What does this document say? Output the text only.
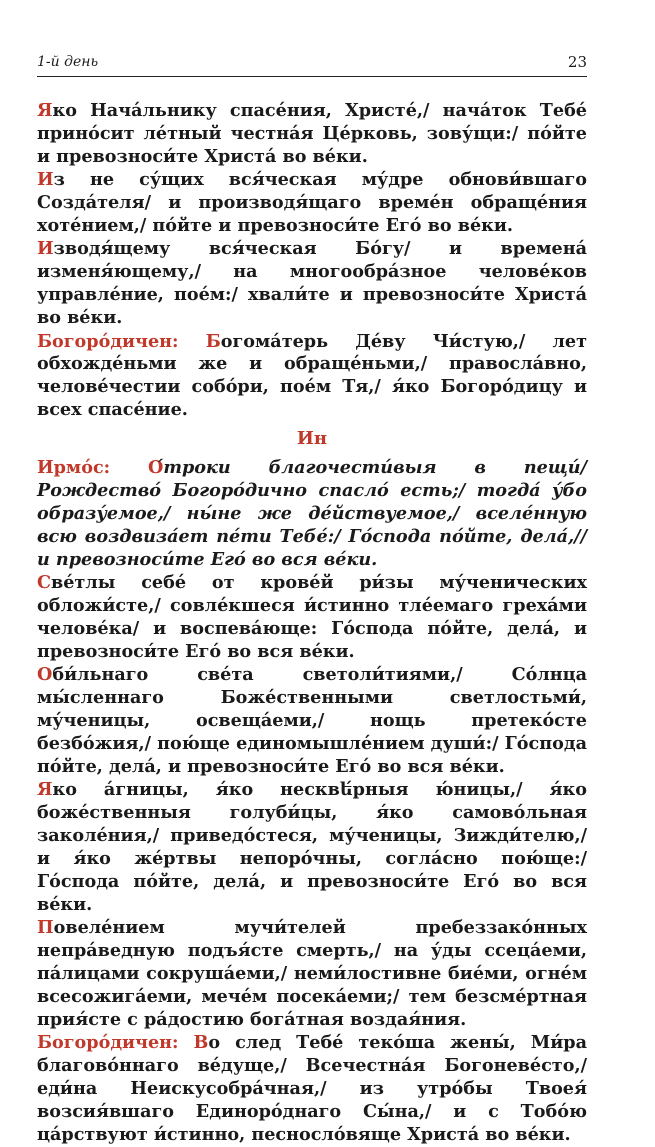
1-й день	23

Яко Нача́льнику спасе́ния, Христе́,/ нача́ток Тебе́ прино́сит ле́тный честна́я Це́рковь, зову́щи:/ по́йте и превозноси́те Христа́ во ве́ки.

Из не су́щих вся́ческая му́дре обнови́вшаго Созда́теля/ и производя́щаго време́н обраще́ния хоте́нием,/ по́йте и превозноси́те Его́ во ве́ки.

Изводя́щему вся́ческая Бо́гу/ и времена́ изменя́ющему,/ на многообра́зное челове́ков управле́ние, пое́м:/ хвали́те и превозноси́те Христа́ во ве́ки.

Богоро́дичен: Богома́терь Де́ву Чи́стую,/ лет обхожде́ньми же и обраще́ньми,/ правосла́вно, челове́честии собо́ри, пое́м Тя,/ я́ко Богоро́дицу и всех спасе́ние.

Ин

Ирмо́с: О́троки благочести́выя в пещи́/ Рождество́ Богоро́дично спасло́ есть;/ тогда́ у́бо образу́емое,/ ны́не же де́йствуемое,/ вселе́нную всю воздвиза́ет пе́ти Тебе́:/ Го́спода по́йте, дела́,// и превозноси́те Его́ во вся ве́ки.

Све́тлы себе́ от крове́й ри́зы му́ченических обложи́сте,/ совле́кшеся и́стинно тле́емаго греха́ми челове́ка/ и воспева́юще: Го́спода по́йте, дела́, и превозноси́те Его́ во вся ве́ки.

Оби́льнаго све́та светоли́тиями,/ Со́лнца мы́сленнаго Боже́ственными светлостьми́, му́ченицы, освеща́еми,/ нощь претеко́сте безбо́жия,/ пою́ще единомышле́нием души́:/ Го́спода по́йте, дела́, и превозноси́те Его́ во вся ве́ки.

Яко а́гницы, я́ко несквե́рныя ю́ницы,/ я́ко боже́ственныя голуби́цы, я́ко самово́льная заколе́ния,/ приведо́стеся, му́ченицы, Зижди́телю,/ и я́ко же́ртвы непоро́чны, согла́сно пою́ще:/ Го́спода по́йте, дела́, и превозноси́те Его́ во вся ве́ки.

Повеле́нием мучи́телей пребеззако́нных непра́ведную подъя́сте смерть,/ на у́ды ссеца́еми, па́лицами сокруша́еми,/ неми́лостивне бие́ми, огне́м всесожига́еми, мече́м посека́еми;/ тем безсме́ртная прия́сте с ра́достию бога́тная воздая́ния.

Богоро́дичен: Во след Тебе́ теко́ша жены́, Ми́ра благово́ннаго ве́дуще,/ Всечестна́я Богоневе́сто,/ еди́на Неискусобра́чная,/ из утро́бы Твоея́ возсия́вшаго Единоро́днаго Сы́на,/ и с Тобо́ю ца́рствуют и́стинно, песносло́вяще Христа́ во ве́ки.
